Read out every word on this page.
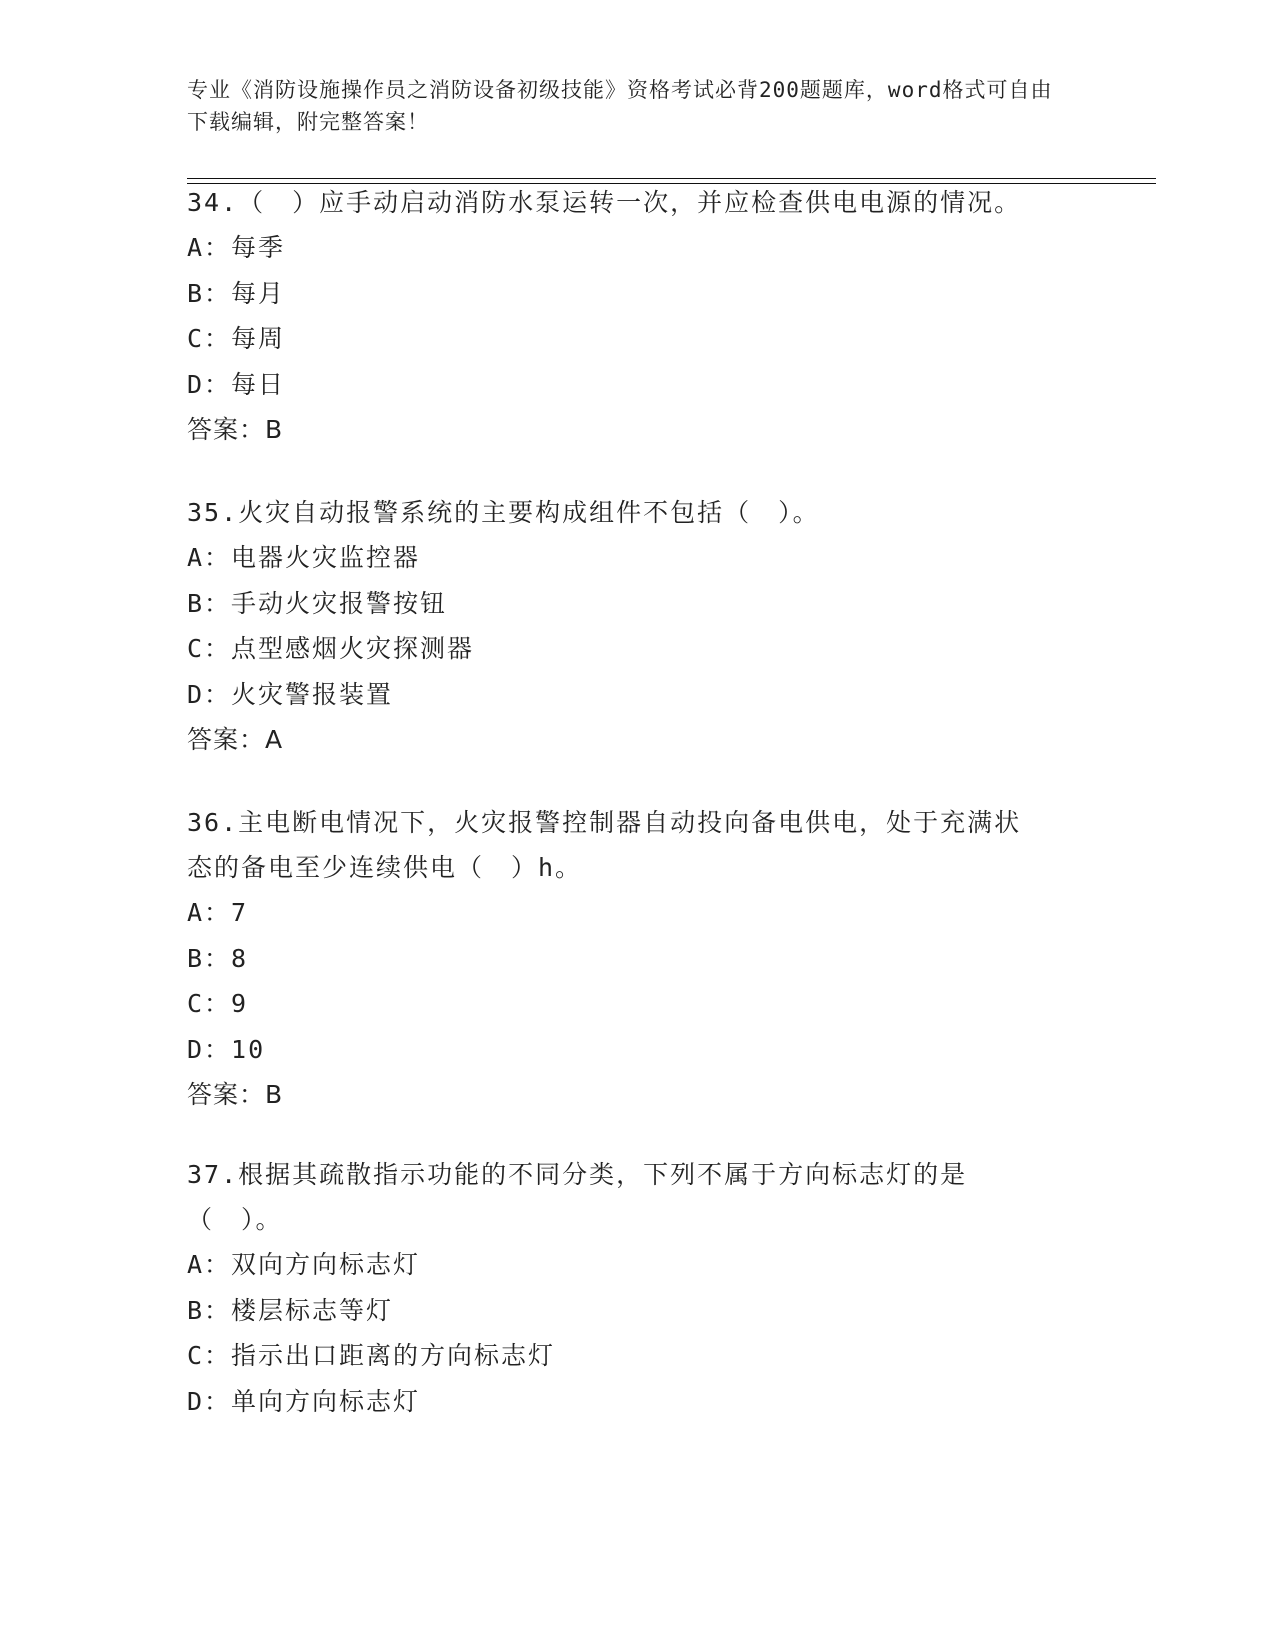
专业《消防设施操作员之消防设备初级技能》资格考试必背200题题库，word格式可自由下载编辑，附完整答案！
34.（　）应手动启动消防水泵运转一次，并应检查供电电源的情况。
A：每季
B：每月
C：每周
D：每日
答案：B
35.火灾自动报警系统的主要构成组件不包括（　）。
A：电器火灾监控器
B：手动火灾报警按钮
C：点型感烟火灾探测器
D：火灾警报装置
答案：A
36.主电断电情况下，火灾报警控制器自动投向备电供电，处于充满状态的备电至少连续供电（　）h。
A：7
B：8
C：9
D：10
答案：B
37.根据其疏散指示功能的不同分类，下列不属于方向标志灯的是（　）。
A：双向方向标志灯
B：楼层标志等灯
C：指示出口距离的方向标志灯
D：单向方向标志灯
